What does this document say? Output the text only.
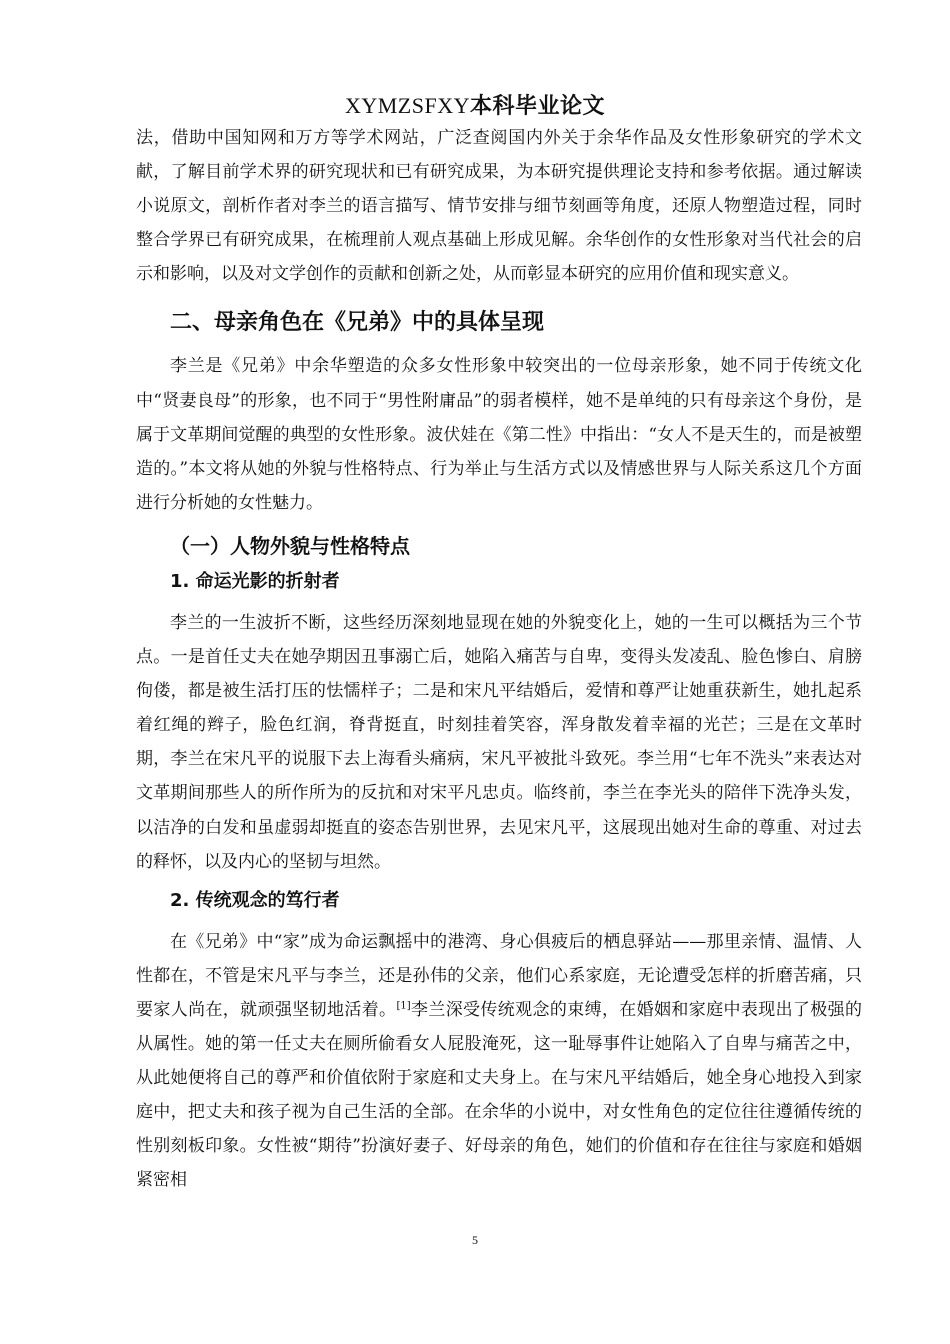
XYMZSFXY本科毕业论文

法，借助中国知网和万方等学术网站，广泛查阅国内外关于余华作品及女性形象研究的学术文献，了解目前学术界的研究现状和已有研究成果，为本研究提供理论支持和参考依据。通过解读小说原文，剖析作者对李兰的语言描写、情节安排与细节刻画等角度，还原人物塑造过程，同时整合学界已有研究成果，在梳理前人观点基础上形成见解。余华创作的女性形象对当代社会的启示和影响，以及对文学创作的贡献和创新之处，从而彰显本研究的应用价值和现实意义。

二、母亲角色在《兄弟》中的具体呈现

李兰是《兄弟》中余华塑造的众多女性形象中较突出的一位母亲形象，她不同于传统文化中“贤妻良母”的形象，也不同于“男性附庸品”的弱者模样，她不是单纯的只有母亲这个身份，是属于文革期间觉醒的典型的女性形象。波伏娃在《第二性》中指出：“女人不是天生的，而是被塑造的。”本文将从她的外貌与性格特点、行为举止与生活方式以及情感世界与人际关系这几个方面进行分析她的女性魅力。

（一）人物外貌与性格特点
1. 命运光影的折射者

李兰的一生波折不断，这些经历深刻地显现在她的外貌变化上，她的一生可以概括为三个节点。一是首任丈夫在她孕期因丑事溺亡后，她陷入痛苦与自卑，变得头发凌乱、脸色惨白、肩膀佝偻，都是被生活打压的怯懦样子；二是和宋凡平结婚后，爱情和尊严让她重获新生，她扎起系着红绳的辫子，脸色红润，脊背挺直，时刻挂着笑容，浑身散发着幸福的光芒；三是在文革时期，李兰在宋凡平的说服下去上海看头痛病，宋凡平被批斗致死。李兰用“七年不洗头”来表达对文革期间那些人的所作所为的反抗和对宋平凡忠贞。临终前，李兰在李光头的陪伴下洗净头发，以洁净的白发和虽虚弱却挺直的姿态告别世界，去见宋凡平，这展现出她对生命的尊重、对过去的释怀，以及内心的坚韧与坦然。

2. 传统观念的笃行者

在《兄弟》中“家”成为命运飘摇中的港湾、身心俱疲后的栖息驿站——那里亲情、温情、人性都在，不管是宋凡平与李兰，还是孙伟的父亲，他们心系家庭，无论遭受怎样的折磨苦痛，只要家人尚在，就顽强坚韧地活着。[1]李兰深受传统观念的束缚，在婚姻和家庭中表现出了极强的从属性。她的第一任丈夫在厕所偷看女人屁股淹死，这一耻辱事件让她陷入了自卑与痛苦之中，从此她便将自己的尊严和价值依附于家庭和丈夫身上。在与宋凡平结婚后，她全身心地投入到家庭中，把丈夫和孩子视为自己生活的全部。在余华的小说中，对女性角色的定位往往遵循传统的性别刻板印象。女性被“期待”扮演好妻子、好母亲的角色，她们的价值和存在往往与家庭和婚姻紧密相

5
